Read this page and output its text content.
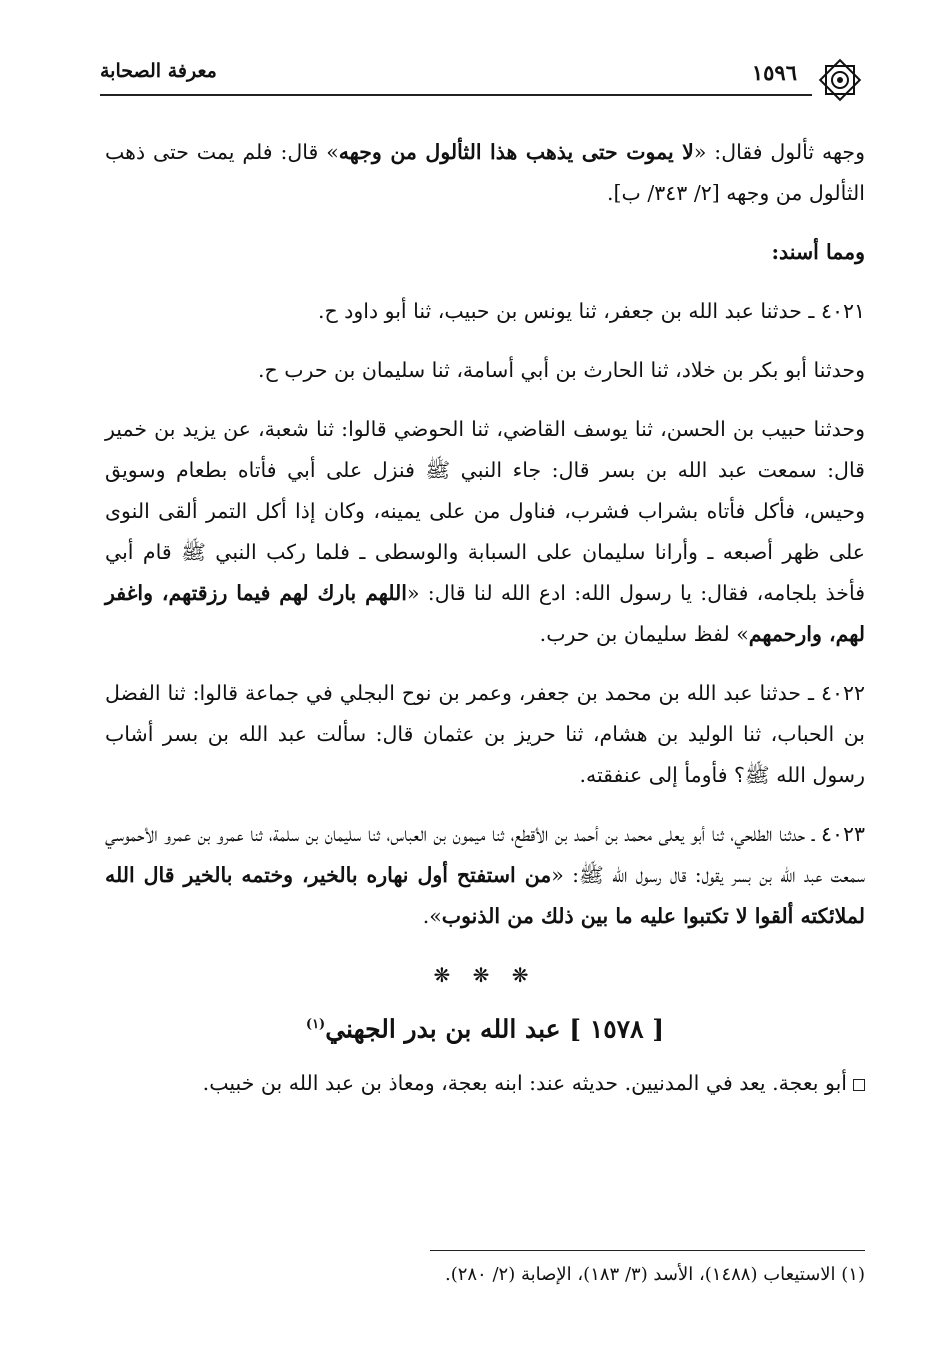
١٥٩٦
معرفة الصحابة

وجهه ثألول فقال: «لا يموت حتى يذهب هذا الثألول من وجهه» قال: فلم يمت حتى ذهب الثألول من وجهه [٢/ ٣٤٣/ ب].

ومما أسند:

٤٠٢١ ـ حدثنا عبد الله بن جعفر، ثنا يونس بن حبيب، ثنا أبو داود ح.

وحدثنا أبو بكر بن خلاد، ثنا الحارث بن أبي أسامة، ثنا سليمان بن حرب ح.

وحدثنا حبيب بن الحسن، ثنا يوسف القاضي، ثنا الحوضي قالوا: ثنا شعبة، عن يزيد بن خمير قال: سمعت عبد الله بن بسر قال: جاء النبي ﷺ فنزل على أبي فأتاه بطعام وسويق وحيس، فأكل فأتاه بشراب فشرب، فناول من على يمينه، وكان إذا أكل التمر ألقى النوى على ظهر أصبعه ـ وأرانا سليمان على السبابة والوسطى ـ فلما ركب النبي ﷺ قام أبي فأخذ بلجامه، فقال: يا رسول الله: ادع الله لنا قال: «اللهم بارك لهم فيما رزقتهم، واغفر لهم، وارحمهم» لفظ سليمان بن حرب.

٤٠٢٢ ـ حدثنا عبد الله بن محمد بن جعفر، وعمر بن نوح البجلي في جماعة قالوا: ثنا الفضل بن الحباب، ثنا الوليد بن هشام، ثنا حريز بن عثمان قال: سألت عبد الله بن بسر أشاب رسول الله ﷺ؟ فأومأ إلى عنفقته.

٤٠٢٣ ـ حدثنا الطلحي، ثنا أبو يعلى محمد بن أحمد بن الأقطع، ثنا ميمون بن العباس، ثنا سليمان بن سلمة، ثنا عمرو بن عمرو الأحموسي سمعت عبد الله بن بسر يقول: قال رسول الله ﷺ: «من استفتح أول نهاره بالخير، وختمه بالخير قال الله لملائكته ألقوا لا تكتبوا عليه ما بين ذلك من الذنوب».

❋ ❋ ❋
[ ١٥٧٨ ] عبد الله بن بدر الجهني$^{(١)}$

أبو بعجة. يعد في المدنيين. حديثه عند: ابنه بعجة، ومعاذ بن عبد الله بن خبيب.

(١) الاستيعاب (١٤٨٨)، الأسد (٣/ ١٨٣)، الإصابة (٢/ ٢٨٠).
